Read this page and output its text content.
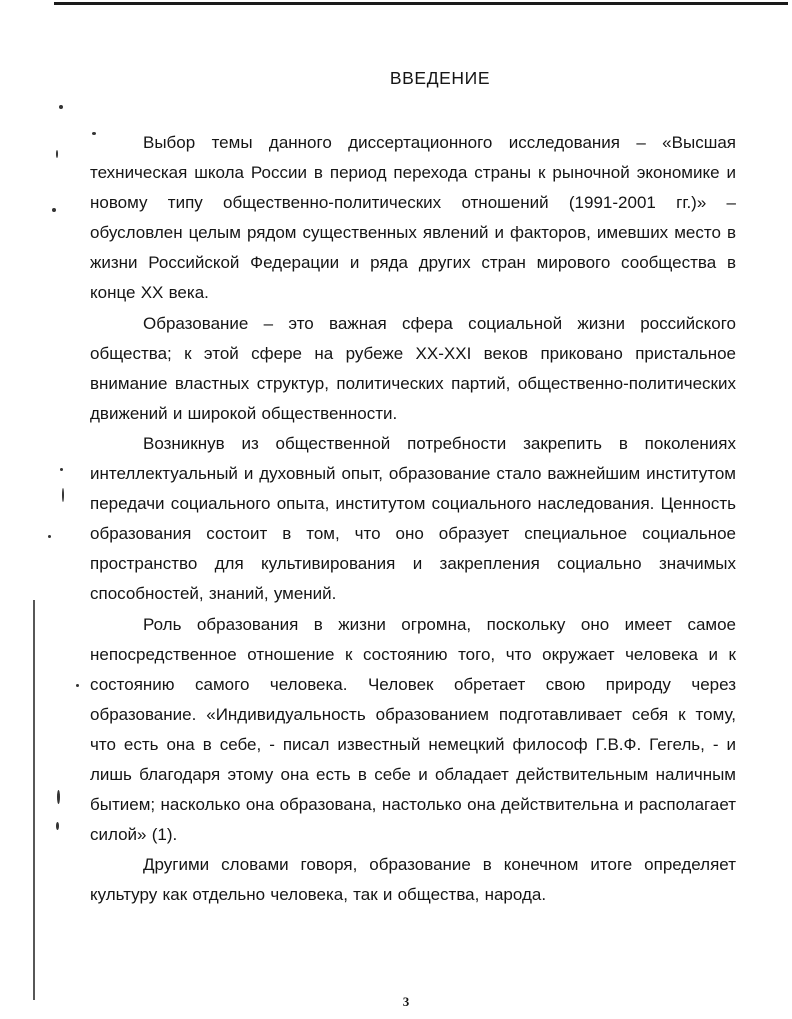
ВВЕДЕНИЕ

Выбор темы данного диссертационного исследования – «Высшая техническая школа России в период перехода страны к рыночной экономике и новому типу общественно-политических отношений (1991-2001 гг.)» – обусловлен целым рядом существенных явлений и факторов, имевших место в жизни Российской Федерации и ряда других стран мирового сообщества в конце XX века.

Образование – это важная сфера социальной жизни российского общества; к этой сфере на рубеже XX-XXI веков приковано пристальное внимание властных структур, политических партий, общественно-политических движений и широкой общественности.

Возникнув из общественной потребности закрепить в поколениях интеллектуальный и духовный опыт, образование стало важнейшим институтом передачи социального опыта, институтом социального наследования. Ценность образования состоит в том, что оно образует специальное социальное пространство для культивирования и закрепления социально значимых способностей, знаний, умений.

Роль образования в жизни огромна, поскольку оно имеет самое непосредственное отношение к состоянию того, что окружает человека и к состоянию самого человека. Человек обретает свою природу через образование. «Индивидуальность образованием подготавливает себя к тому, что есть она в себе, - писал известный немецкий философ Г.В.Ф. Гегель, - и лишь благодаря этому она есть в себе и обладает действительным наличным бытием; насколько она образована, настолько она действительна и располагает силой» (1).

Другими словами говоря, образование в конечном итоге определяет культуру как отдельно человека, так и общества, народа.

3
